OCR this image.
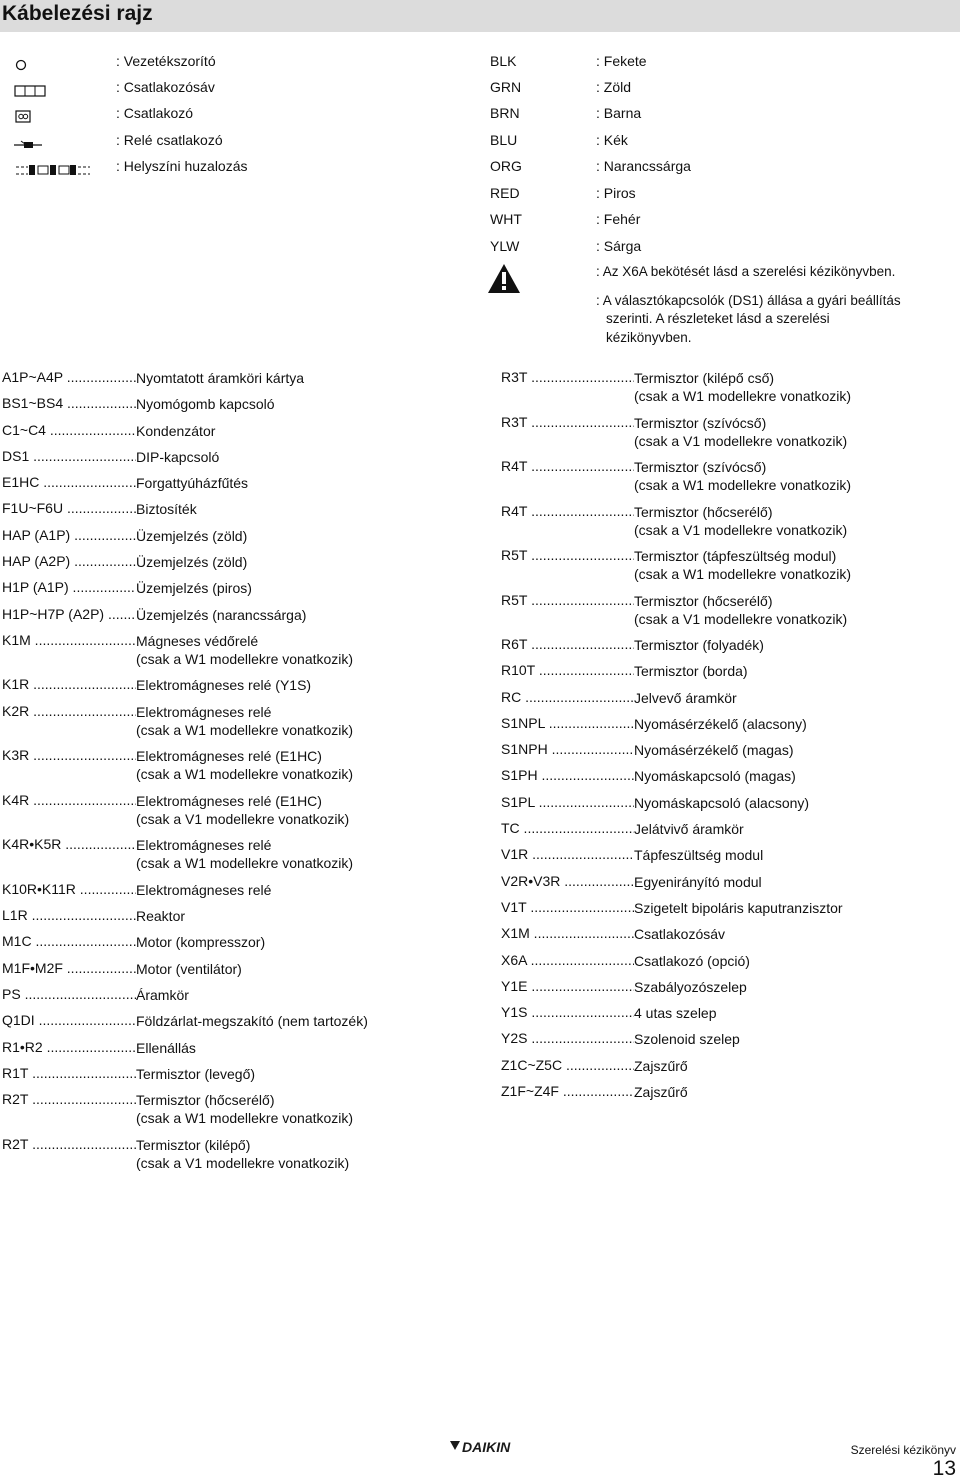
Kábelezési rajz
: Vezetékszorító
: Csatlakozósáv
: Csatlakozó
: Relé csatlakozó
: Helyszíni huzalozás
BLK	: Fekete
GRN	: Zöld
BRN	: Barna
BLU	: Kék
ORG	: Narancssárga
RED	: Piros
WHT	: Fehér
YLW	: Sárga
: Az X6A bekötését lásd a szerelési kézikönyvben.
: A választókapcsolók (DS1) állása a gyári beállítás
szerinti. A részleteket lásd a szerelési
kézikönyvben.
A1P~A4P .....	Nyomtatott áramköri kártya
BS1~BS4 .....	Nyomógomb kapcsoló
C1~C4 .....	Kondenzátor
DS1 .....	DIP-kapcsoló
E1HC .....	Forgattyúházfűtés
F1U~F6U .....	Biztosíték
HAP (A1P) .....	Üzemjelzés (zöld)
HAP (A2P) .....	Üzemjelzés (zöld)
H1P (A1P) .....	Üzemjelzés (piros)
H1P~H7P (A2P) .....	Üzemjelzés (narancssárga)
K1M .....	Mágneses védőrelé
(csak a W1 modellekre vonatkozik)
K1R .....	Elektromágneses relé (Y1S)
K2R .....	Elektromágneses relé
(csak a W1 modellekre vonatkozik)
K3R .....	Elektromágneses relé (E1HC)
(csak a W1 modellekre vonatkozik)
K4R .....	Elektromágneses relé (E1HC)
(csak a V1 modellekre vonatkozik)
K4R•K5R .....	Elektromágneses relé
(csak a W1 modellekre vonatkozik)
K10R•K11R .....	Elektromágneses relé
L1R .....	Reaktor
M1C .....	Motor (kompresszor)
M1F•M2F .....	Motor (ventilátor)
PS .....	Áramkör
Q1DI .....	Földzárlat-megszakító (nem tartozék)
R1•R2 .....	Ellenállás
R1T .....	Termisztor (levegő)
R2T .....	Termisztor (hőcserélő)
(csak a W1 modellekre vonatkozik)
R2T .....	Termisztor (kilépő)
(csak a V1 modellekre vonatkozik)
R3T .....	Termisztor (kilépő cső)
(csak a W1 modellekre vonatkozik)
R3T .....	Termisztor (szívócső)
(csak a V1 modellekre vonatkozik)
R4T .....	Termisztor (szívócső)
(csak a W1 modellekre vonatkozik)
R4T .....	Termisztor (hőcserélő)
(csak a V1 modellekre vonatkozik)
R5T .....	Termisztor (tápfeszültség modul)
(csak a W1 modellekre vonatkozik)
R5T .....	Termisztor (hőcserélő)
(csak a V1 modellekre vonatkozik)
R6T .....	Termisztor (folyadék)
R10T .....	Termisztor (borda)
RC .....	Jelvevő áramkör
S1NPL .....	Nyomásérzékelő (alacsony)
S1NPH .....	Nyomásérzékelő (magas)
S1PH .....	Nyomáskapcsoló (magas)
S1PL .....	Nyomáskapcsoló (alacsony)
TC .....	Jelátvivő áramkör
V1R .....	Tápfeszültség modul
V2R•V3R .....	Egyenirányító modul
V1T .....	Szigetelt bipoláris kaputranzisztor
X1M .....	Csatlakozósáv
X6A .....	Csatlakozó (opció)
Y1E .....	Szabályozószelep
Y1S .....	4 utas szelep
Y2S .....	Szolenoid szelep
Z1C~Z5C .....	Zajszűrő
Z1F~Z4F .....	Zajszűrő
DAIKIN	Szerelési kézikönyv
13
